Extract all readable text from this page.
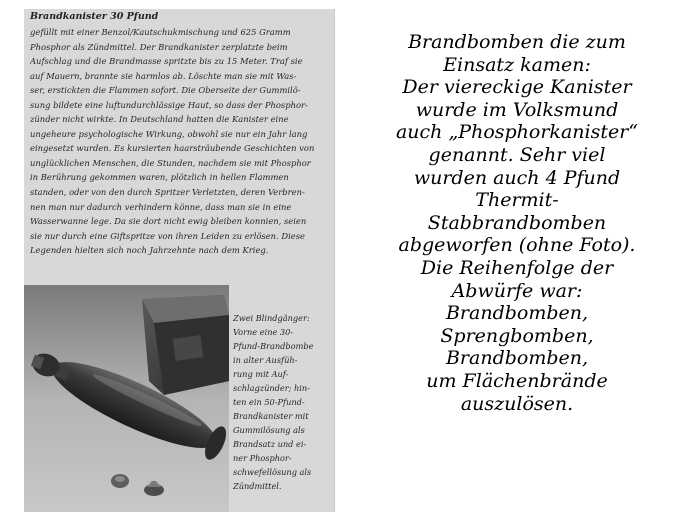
Brandkanister 30 Pfund
gefüllt mit einer Benzol/Kautschukmischung und 625 Gramm
Phosphor als Zündmittel. Der Brandkanister zerplatzte beim
Aufschlag und die Brandmasse spritzte bis zu 15 Meter. Traf sie
auf Mauern, brannte sie harmlos ab. Löschte man sie mit Was-
ser, erstickten die Flammen sofort. Die Oberseite der Gummilö-
sung bildete eine luftundurchlässige Haut, so dass der Phosphor-
zünder nicht wirkte. In Deutschland hatten die Kanister eine
ungeheure psychologische Wirkung, obwohl sie nur ein Jahr lang
eingesetzt wurden. Es kursierten haarsträubende Geschichten von
unglücklichen Menschen, die Stunden, nachdem sie mit Phosphor
in Berührung gekommen waren, plötzlich in hellen Flammen
standen, oder von den durch Spritzer Verletzten, deren Verbren-
nen man nur dadurch verhindern könne, dass man sie in eine
Wasserwanne lege. Da sie dort nicht ewig bleiben konnien, seien
sie nur durch eine Giftspritze von ihren Leiden zu erlösen. Diese
Legenden hielten sich noch Jahrzehnte nach dem Krieg.
Zwei Blindgänger:
Vorne eine 30-
Pfund-Brandbombe
in alter Ausfüh-
rung mit Auf-
schlagzünder; hin-
ten ein 50-Pfund-
Brandkanister mit
Gummilösung als
Brandsatz und ei-
ner Phosphor-
schwefellösung als
Zündmittel.
Brandbomben die zum
Einsatz kamen:
Der viereckige Kanister
wurde im Volksmund
auch „Phosphorkanister“
genannt. Sehr viel
wurden auch 4 Pfund
Thermit-
Stabbrandbomben
abgeworfen (ohne Foto).
Die Reihenfolge der
Abwürfe war:
Brandbomben,
Sprengbomben,
Brandbomben,
um Flächenbrände
auszulösen.
